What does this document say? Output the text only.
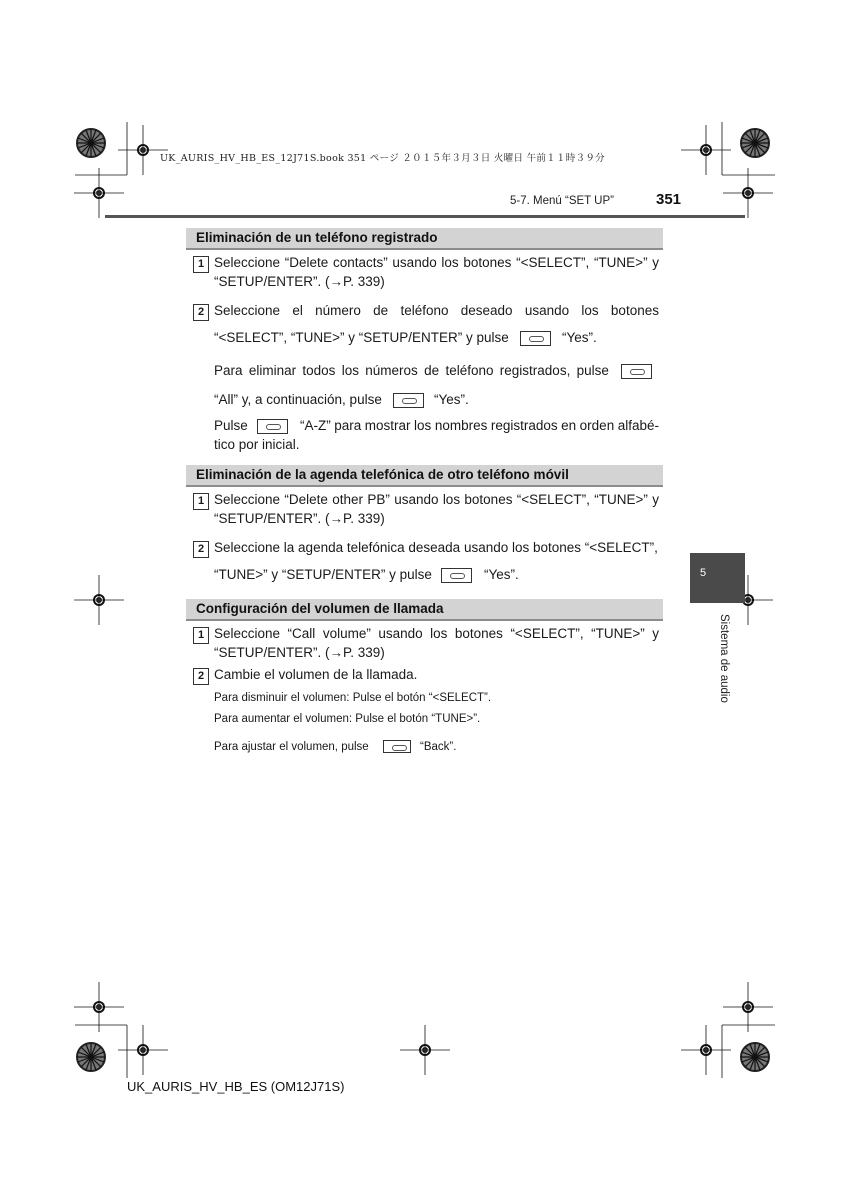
UK_AURIS_HV_HB_ES_12J71S.book 351 ページ ２０１５年３月３日 火曜日 午前１１時３９分
5-7. Menú “SET UP”	351
5
Sistema de audio
Eliminación de un teléfono registrado
1 Seleccione “Delete contacts” usando los botones “<SELECT”, “TUNE>” y
“SETUP/ENTER”. (→P. 339)
2 Seleccione el número de teléfono deseado usando los botones
“<SELECT”, “TUNE>” y “SETUP/ENTER” y pulse	“Yes”.
Para eliminar todos los números de teléfono registrados, pulse
“All” y, a continuación, pulse	“Yes”.
Pulse	“A-Z” para mostrar los nombres registrados en orden alfabé-
tico por inicial.
Eliminación de la agenda telefónica de otro teléfono móvil
1 Seleccione “Delete other PB” usando los botones “<SELECT”, “TUNE>” y
“SETUP/ENTER”. (→P. 339)
2 Seleccione la agenda telefónica deseada usando los botones “<SELECT”,
“TUNE>” y “SETUP/ENTER” y pulse	“Yes”.
Configuración del volumen de llamada
1 Seleccione “Call volume” usando los botones “<SELECT”, “TUNE>” y
“SETUP/ENTER”. (→P. 339)
2 Cambie el volumen de la llamada.
Para disminuir el volumen: Pulse el botón “<SELECT”.
Para aumentar el volumen: Pulse el botón “TUNE>”.
Para ajustar el volumen, pulse	“Back”.
UK_AURIS_HV_HB_ES (OM12J71S)
